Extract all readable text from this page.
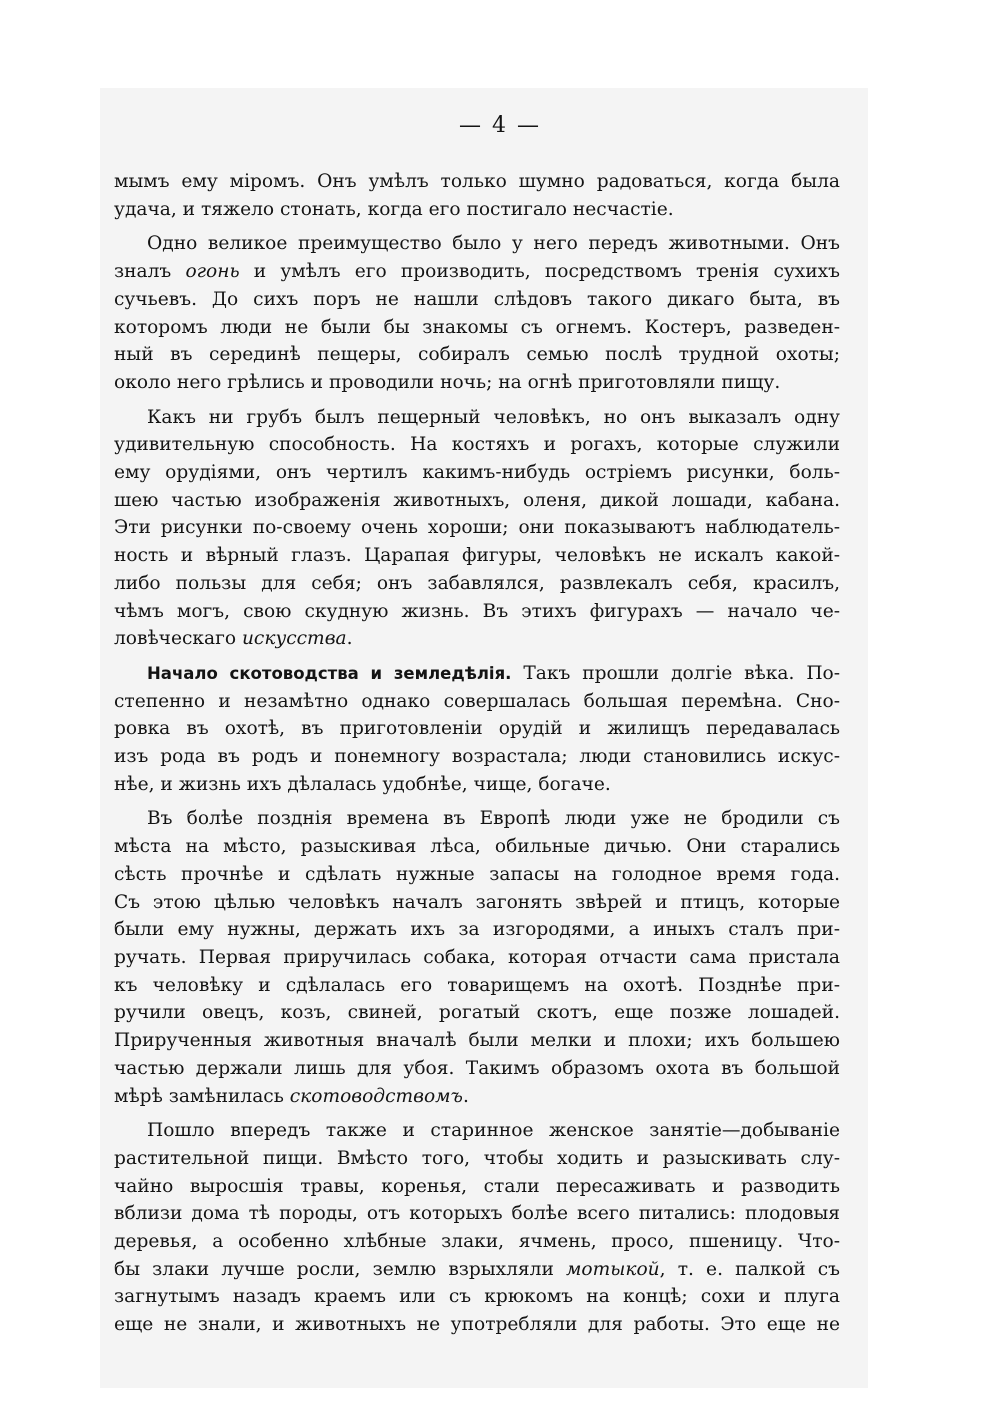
— 4 —
мымъ ему міромъ. Онъ умѣлъ только шумно радоваться, когда была
удача, и тяжело стонать, когда его постигало несчастіе.
Одно великое преимущество было у него передъ животными. Онъ
зналъ огонь и умѣлъ его производить, посредствомъ тренія сухихъ
сучьевъ. До сихъ поръ не нашли слѣдовъ такого дикаго быта, въ
которомъ люди не были бы знакомы съ огнемъ. Костеръ, разведен-
ный въ серединѣ пещеры, собиралъ семью послѣ трудной охоты;
около него грѣлись и проводили ночь; на огнѣ приготовляли пищу.
Какъ ни грубъ былъ пещерный человѣкъ, но онъ выказалъ одну
удивительную способность. На костяхъ и рогахъ, которые служили
ему орудіями, онъ чертилъ какимъ-нибудь остріемъ рисунки, боль-
шею частью изображенія животныхъ, оленя, дикой лошади, кабана.
Эти рисунки по-своему очень хороши; они показываютъ наблюдатель-
ность и вѣрный глазъ. Царапая фигуры, человѣкъ не искалъ какой-
либо пользы для себя; онъ забавлялся, развлекалъ себя, красилъ,
чѣмъ могъ, свою скудную жизнь. Въ этихъ фигурахъ — начало че-
ловѣческаго искусства.
Начало скотоводства и земледѣлія. Такъ прошли долгіе вѣка. По-
степенно и незамѣтно однако совершалась большая перемѣна. Сно-
ровка въ охотѣ, въ приготовленіи орудій и жилищъ передавалась
изъ рода въ родъ и понемногу возрастала; люди становились искус-
нѣе, и жизнь ихъ дѣлалась удобнѣе, чище, богаче.
Въ болѣе позднія времена въ Европѣ люди уже не бродили съ
мѣста на мѣсто, разыскивая лѣса, обильные дичью. Они старались
сѣсть прочнѣе и сдѣлать нужные запасы на голодное время года.
Съ этою цѣлью человѣкъ началъ загонять звѣрей и птицъ, которые
были ему нужны, держать ихъ за изгородями, а иныхъ сталъ при-
ручать. Первая приручилась собака, которая отчасти сама пристала
къ человѣку и сдѣлалась его товарищемъ на охотѣ. Позднѣе при-
ручили овецъ, козъ, свиней, рогатый скотъ, еще позже лошадей.
Прирученныя животныя вначалѣ были мелки и плохи; ихъ большею
частью держали лишь для убоя. Такимъ образомъ охота въ большой
мѣрѣ замѣнилась скотоводствомъ.
Пошло впередъ также и старинное женское занятіе—добываніе
растительной пищи. Вмѣсто того, чтобы ходить и разыскивать слу-
чайно выросшія травы, коренья, стали пересаживать и разводить
вблизи дома тѣ породы, отъ которыхъ болѣе всего питались: плодовыя
деревья, а особенно хлѣбные злаки, ячмень, просо, пшеницу. Что-
бы злаки лучше росли, землю взрыхляли мотыкой, т. е. палкой съ
загнутымъ назадъ краемъ или съ крюкомъ на концѣ; сохи и плуга
еще не знали, и животныхъ не употребляли для работы. Это еще не
